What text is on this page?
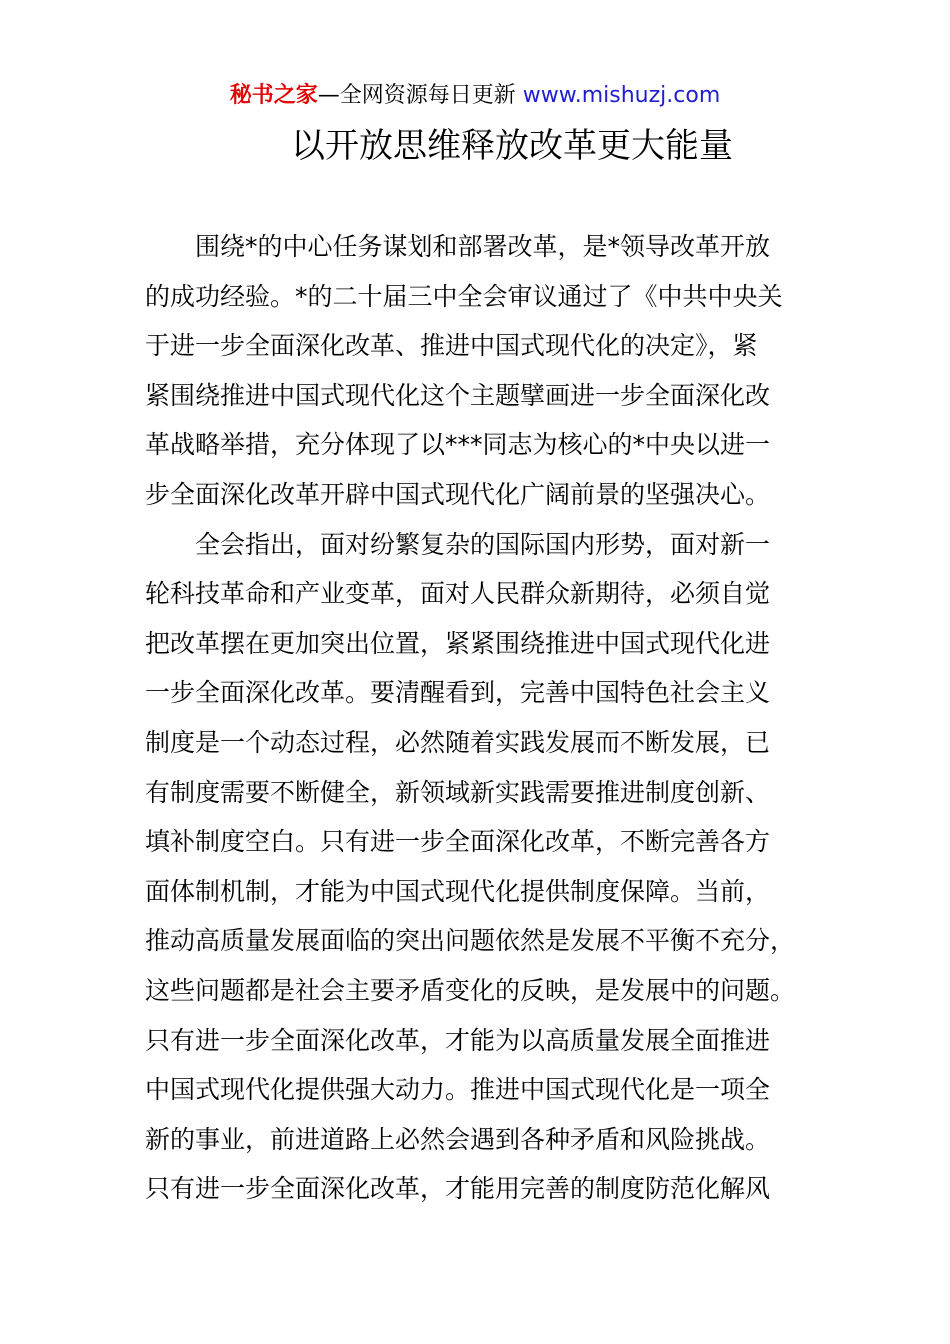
秘书之家—全网资源每日更新 www.mishuzj.com
以开放思维释放改革更大能量
　　围绕*的中心任务谋划和部署改革，是*领导改革开放
的成功经验。*的二十届三中全会审议通过了《中共中央关
于进一步全面深化改革、推进中国式现代化的决定》，紧
紧围绕推进中国式现代化这个主题擘画进一步全面深化改
革战略举措，充分体现了以***同志为核心的*中央以进一
步全面深化改革开辟中国式现代化广阔前景的坚强决心。
　　全会指出，面对纷繁复杂的国际国内形势，面对新一
轮科技革命和产业变革，面对人民群众新期待，必须自觉
把改革摆在更加突出位置，紧紧围绕推进中国式现代化进
一步全面深化改革。要清醒看到，完善中国特色社会主义
制度是一个动态过程，必然随着实践发展而不断发展，已
有制度需要不断健全，新领域新实践需要推进制度创新、
填补制度空白。只有进一步全面深化改革，不断完善各方
面体制机制，才能为中国式现代化提供制度保障。当前，
推动高质量发展面临的突出问题依然是发展不平衡不充分，
这些问题都是社会主要矛盾变化的反映，是发展中的问题。
只有进一步全面深化改革，才能为以高质量发展全面推进
中国式现代化提供强大动力。推进中国式现代化是一项全
新的事业，前进道路上必然会遇到各种矛盾和风险挑战。
只有进一步全面深化改革，才能用完善的制度防范化解风
